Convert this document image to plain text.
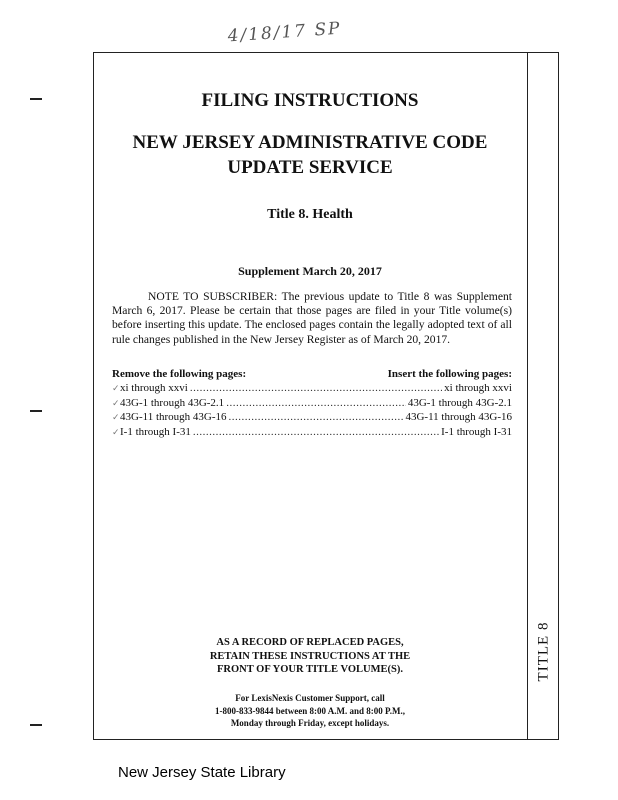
4/18/17 SP
TITLE 8
FILING INSTRUCTIONS
NEW JERSEY ADMINISTRATIVE CODE
UPDATE SERVICE
Title 8. Health
Supplement March 20, 2017
NOTE TO SUBSCRIBER: The previous update to Title 8 was Supplement March 6, 2017. Please be certain that those pages are filed in your Title volume(s) before inserting this update. The enclosed pages contain the legally adopted text of all rule changes published in the New Jersey Register as of March 20, 2017.
Remove the following pages:	Insert the following pages:
✓ xi through xxvi .....	xi through xxvi
✓ 43G-1 through 43G-2.1 .....	43G-1 through 43G-2.1
✓ 43G-11 through 43G-16 .....	43G-11 through 43G-16
✓ I-1 through I-31 .....	I-1 through I-31
AS A RECORD OF REPLACED PAGES,
RETAIN THESE INSTRUCTIONS AT THE
FRONT OF YOUR TITLE VOLUME(S).
For LexisNexis Customer Support, call
1-800-833-9844 between 8:00 A.M. and 8:00 P.M.,
Monday through Friday, except holidays.
New Jersey State Library
